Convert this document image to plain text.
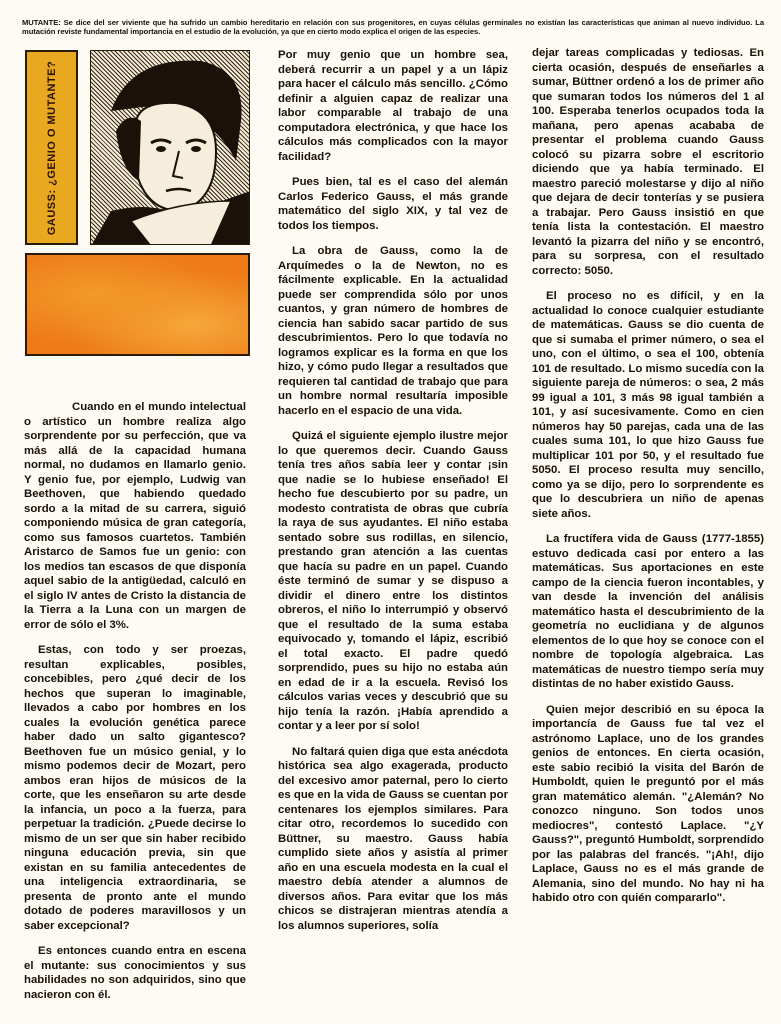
MUTANTE: Se dice del ser viviente que ha sufrido un cambio hereditario en relación con sus progenitores, en cuyas células germinales no existían las características que animan al nuevo individuo. La mutación reviste fundamental importancia en el estudio de la evolución, ya que en cierto modo explica el origen de las especies.
GAUSS: ¿GENIO O MUTANTE?

Cuando en el mundo intelectual o artístico un hombre realiza algo sorprendente por su perfección, que va más allá de la capacidad humana normal, no dudamos en llamarlo genio. Y genio fue, por ejemplo, Ludwig van Beethoven, que habiendo quedado sordo a la mitad de su carrera, siguió componiendo música de gran categoría, como sus famosos cuartetos. También Aristarco de Samos fue un genio: con los medios tan escasos de que disponía aquel sabio de la antigüedad, calculó en el siglo IV antes de Cristo la distancia de la Tierra a la Luna con un margen de error de sólo el 3%.

Estas, con todo y ser proezas, resultan explicables, posibles, concebibles, pero ¿qué decir de los hechos que superan lo imaginable, llevados a cabo por hombres en los cuales la evolución genética parece haber dado un salto gigantesco? Beethoven fue un músico genial, y lo mismo podemos decir de Mozart, pero ambos eran hijos de músicos de la corte, que les enseñaron su arte desde la infancia, un poco a la fuerza, para perpetuar la tradición. ¿Puede decirse lo mismo de un ser que sin haber recibido ninguna educación previa, sin que existan en su familia antecedentes de una inteligencia extraordinaria, se presenta de pronto ante el mundo dotado de poderes maravillosos y un saber excepcional?

Es entonces cuando entra en escena el mutante: sus conocimientos y sus habilidades no son adquiridos, sino que nacieron con él.

Por muy genio que un hombre sea, deberá recurrir a un papel y a un lápiz para hacer el cálculo más sencillo. ¿Cómo definir a alguien capaz de realizar una labor comparable al trabajo de una computadora electrónica, y que hace los cálculos más complicados con la mayor facilidad?

Pues bien, tal es el caso del alemán Carlos Federico Gauss, el más grande matemático del siglo XIX, y tal vez de todos los tiempos.

La obra de Gauss, como la de Arquímedes o la de Newton, no es fácilmente explicable. En la actualidad puede ser comprendida sólo por unos cuantos, y gran número de hombres de ciencia han sabido sacar partido de sus descubrimientos. Pero lo que todavía no logramos explicar es la forma en que los hizo, y cómo pudo llegar a resultados que requieren tal cantidad de trabajo que para un hombre normal resultaría imposible hacerlo en el espacio de una vida.

Quizá el siguiente ejemplo ilustre mejor lo que queremos decir. Cuando Gauss tenía tres años sabía leer y contar ¡sin que nadie se lo hubiese enseñado! El hecho fue descubierto por su padre, un modesto contratista de obras que cubría la raya de sus ayudantes. El niño estaba sentado sobre sus rodillas, en silencio, prestando gran atención a las cuentas que hacía su padre en un papel. Cuando éste terminó de sumar y se dispuso a dividir el dinero entre los distintos obreros, el niño lo interrumpió y observó que el resultado de la suma estaba equivocado y, tomando el lápiz, escribió el total exacto. El padre quedó sorprendido, pues su hijo no estaba aún en edad de ir a la escuela. Revisó los cálculos varias veces y descubrió que su hijo tenía la razón. ¡Había aprendido a contar y a leer por sí solo!

No faltará quien diga que esta anécdota histórica sea algo exagerada, producto del excesivo amor paternal, pero lo cierto es que en la vida de Gauss se cuentan por centenares los ejemplos similares. Para citar otro, recordemos lo sucedido con Büttner, su maestro. Gauss había cumplido siete años y asistía al primer año en una escuela modesta en la cual el maestro debía atender a alumnos de diversos años. Para evitar que los más chicos se distrajeran mientras atendía a los alumnos superiores, solía

dejar tareas complicadas y tediosas. En cierta ocasión, después de enseñarles a sumar, Büttner ordenó a los de primer año que sumaran todos los números del 1 al 100. Esperaba tenerlos ocupados toda la mañana, pero apenas acababa de presentar el problema cuando Gauss colocó su pizarra sobre el escritorio diciendo que ya había terminado. El maestro pareció molestarse y dijo al niño que dejara de decir tonterías y se pusiera a trabajar. Pero Gauss insistió en que tenía lista la contestación. El maestro levantó la pizarra del niño y se encontró, para su sorpresa, con el resultado correcto: 5050.

El proceso no es difícil, y en la actualidad lo conoce cualquier estudiante de matemáticas. Gauss se dio cuenta de que si sumaba el primer número, o sea el uno, con el último, o sea el 100, obtenía 101 de resultado. Lo mismo sucedía con la siguiente pareja de números: o sea, 2 más 99 igual a 101, 3 más 98 igual también a 101, y así sucesivamente. Como en cien números hay 50 parejas, cada una de las cuales suma 101, lo que hizo Gauss fue multiplicar 101 por 50, y el resultado fue 5050. El proceso resulta muy sencillo, como ya se dijo, pero lo sorprendente es que lo descubriera un niño de apenas siete años.

La fructífera vida de Gauss (1777-1855) estuvo dedicada casi por entero a las matemáticas. Sus aportaciones en este campo de la ciencia fueron incontables, y van desde la invención del análisis matemático hasta el descubrimiento de la geometría no euclidiana y de algunos elementos de lo que hoy se conoce con el nombre de topología algebraica. Las matemáticas de nuestro tiempo sería muy distintas de no haber existido Gauss.

Quien mejor describió en su época la importancía de Gauss fue tal vez el astrónomo Laplace, uno de los grandes genios de entonces. En cierta ocasión, este sabio recibió la visita del Barón de Humboldt, quien le preguntó por el más gran matemático alemán. "¿Alemán? No conozco ninguno. Son todos unos mediocres", contestó Laplace. "¿Y Gauss?", preguntó Humboldt, sorprendido por las palabras del francés. "¡Ah!, dijo Laplace, Gauss no es el más grande de Alemania, sino del mundo. No hay ni ha habido otro con quién compararlo".
